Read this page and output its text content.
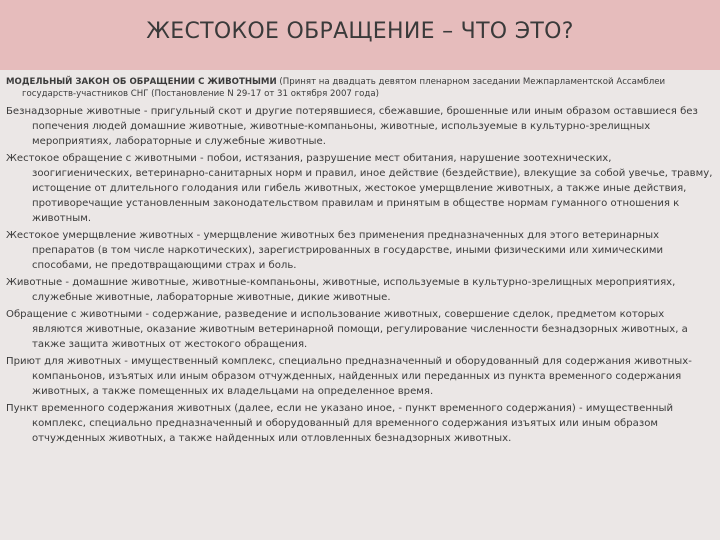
ЖЕСТОКОЕ ОБРАЩЕНИЕ – ЧТО ЭТО?
МОДЕЛЬНЫЙ ЗАКОН ОБ ОБРАЩЕНИИ С ЖИВОТНЫМИ (Принят на двадцать девятом пленарном заседании Межпарламентской Ассамблеи государств-участников СНГ (Постановление N 29-17 от 31 октября 2007 года)
Безнадзорные животные - пригульный скот и другие потерявшиеся, сбежавшие, брошенные или иным образом оставшиеся без попечения людей домашние животные, животные-компаньоны, животные, используемые в культурно-зрелищных мероприятиях, лабораторные и служебные животные.
Жестокое обращение с животными - побои, истязания, разрушение мест обитания, нарушение зоотехнических, зоогигиенических, ветеринарно-санитарных норм и правил, иное действие (бездействие), влекущие за собой увечье, травму, истощение от длительного голодания или гибель животных, жестокое умерщвление животных, а также иные действия, противоречащие установленным законодательством правилам и принятым в обществе нормам гуманного отношения к животным.
Жестокое умерщвление животных - умерщвление животных без применения предназначенных для этого ветеринарных препаратов (в том числе наркотических), зарегистрированных в государстве, иными физическими или химическими способами, не предотвращающими страх и боль.
Животные - домашние животные, животные-компаньоны, животные, используемые в культурно-зрелищных мероприятиях, служебные животные, лабораторные животные, дикие животные.
Обращение с животными - содержание, разведение и использование животных, совершение сделок, предметом которых являются животные, оказание животным ветеринарной помощи, регулирование численности безнадзорных животных, а также защита животных от жестокого обращения.
Приют для животных - имущественный комплекс, специально предназначенный и оборудованный для содержания животных-компаньонов, изъятых или иным образом отчужденных, найденных или переданных из пункта временного содержания животных, а также помещенных их владельцами на определенное время.
Пункт временного содержания животных (далее, если не указано иное, - пункт временного содержания) - имущественный комплекс, специально предназначенный и оборудованный для временного содержания изъятых или иным образом отчужденных животных, а также найденных или отловленных безнадзорных животных.
